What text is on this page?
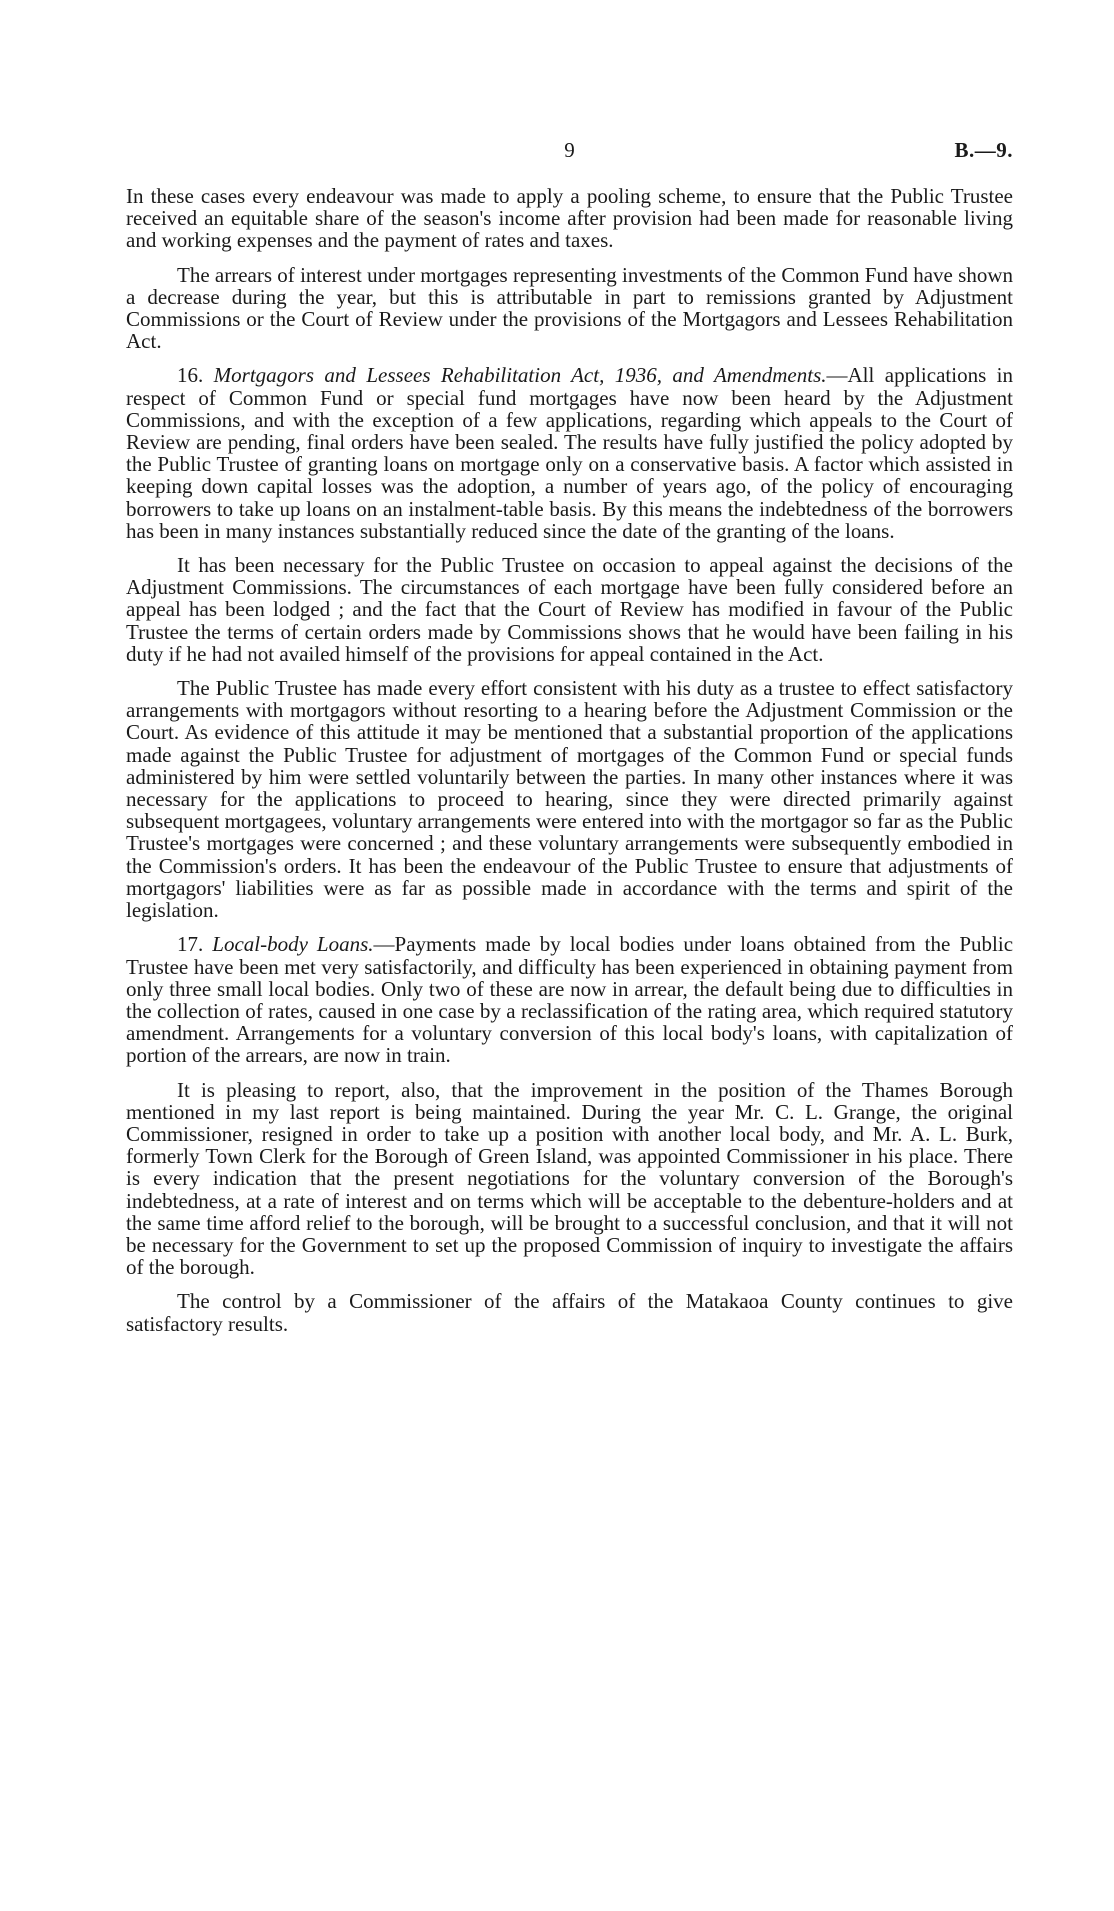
9	B.—9.

In these cases every endeavour was made to apply a pooling scheme, to ensure that the Public Trustee received an equitable share of the season's income after provision had been made for reasonable living and working expenses and the payment of rates and taxes.

The arrears of interest under mortgages representing investments of the Common Fund have shown a decrease during the year, but this is attributable in part to remissions granted by Adjustment Commissions or the Court of Review under the provisions of the Mortgagors and Lessees Rehabilitation Act.

16. Mortgagors and Lessees Rehabilitation Act, 1936, and Amendments.—All applications in respect of Common Fund or special fund mortgages have now been heard by the Adjustment Commissions, and with the exception of a few applications, regarding which appeals to the Court of Review are pending, final orders have been sealed. The results have fully justified the policy adopted by the Public Trustee of granting loans on mortgage only on a conservative basis. A factor which assisted in keeping down capital losses was the adoption, a number of years ago, of the policy of encouraging borrowers to take up loans on an instalment-table basis. By this means the indebtedness of the borrowers has been in many instances substantially reduced since the date of the granting of the loans.

It has been necessary for the Public Trustee on occasion to appeal against the decisions of the Adjustment Commissions. The circumstances of each mortgage have been fully considered before an appeal has been lodged ; and the fact that the Court of Review has modified in favour of the Public Trustee the terms of certain orders made by Commissions shows that he would have been failing in his duty if he had not availed himself of the provisions for appeal contained in the Act.

The Public Trustee has made every effort consistent with his duty as a trustee to effect satisfactory arrangements with mortgagors without resorting to a hearing before the Adjustment Commission or the Court. As evidence of this attitude it may be mentioned that a substantial proportion of the applications made against the Public Trustee for adjustment of mortgages of the Common Fund or special funds administered by him were settled voluntarily between the parties. In many other instances where it was necessary for the applications to proceed to hearing, since they were directed primarily against subsequent mortgagees, voluntary arrangements were entered into with the mortgagor so far as the Public Trustee's mortgages were concerned ; and these voluntary arrangements were subsequently embodied in the Commission's orders. It has been the endeavour of the Public Trustee to ensure that adjustments of mortgagors' liabilities were as far as possible made in accordance with the terms and spirit of the legislation.

17. Local-body Loans.—Payments made by local bodies under loans obtained from the Public Trustee have been met very satisfactorily, and difficulty has been experienced in obtaining payment from only three small local bodies. Only two of these are now in arrear, the default being due to difficulties in the collection of rates, caused in one case by a reclassification of the rating area, which required statutory amendment. Arrangements for a voluntary conversion of this local body's loans, with capitalization of portion of the arrears, are now in train.

It is pleasing to report, also, that the improvement in the position of the Thames Borough mentioned in my last report is being maintained. During the year Mr. C. L. Grange, the original Commissioner, resigned in order to take up a position with another local body, and Mr. A. L. Burk, formerly Town Clerk for the Borough of Green Island, was appointed Commissioner in his place. There is every indication that the present negotiations for the voluntary conversion of the Borough's indebtedness, at a rate of interest and on terms which will be acceptable to the debenture-holders and at the same time afford relief to the borough, will be brought to a successful conclusion, and that it will not be necessary for the Government to set up the proposed Commission of inquiry to investigate the affairs of the borough.

The control by a Commissioner of the affairs of the Matakaoa County continues to give satisfactory results.
